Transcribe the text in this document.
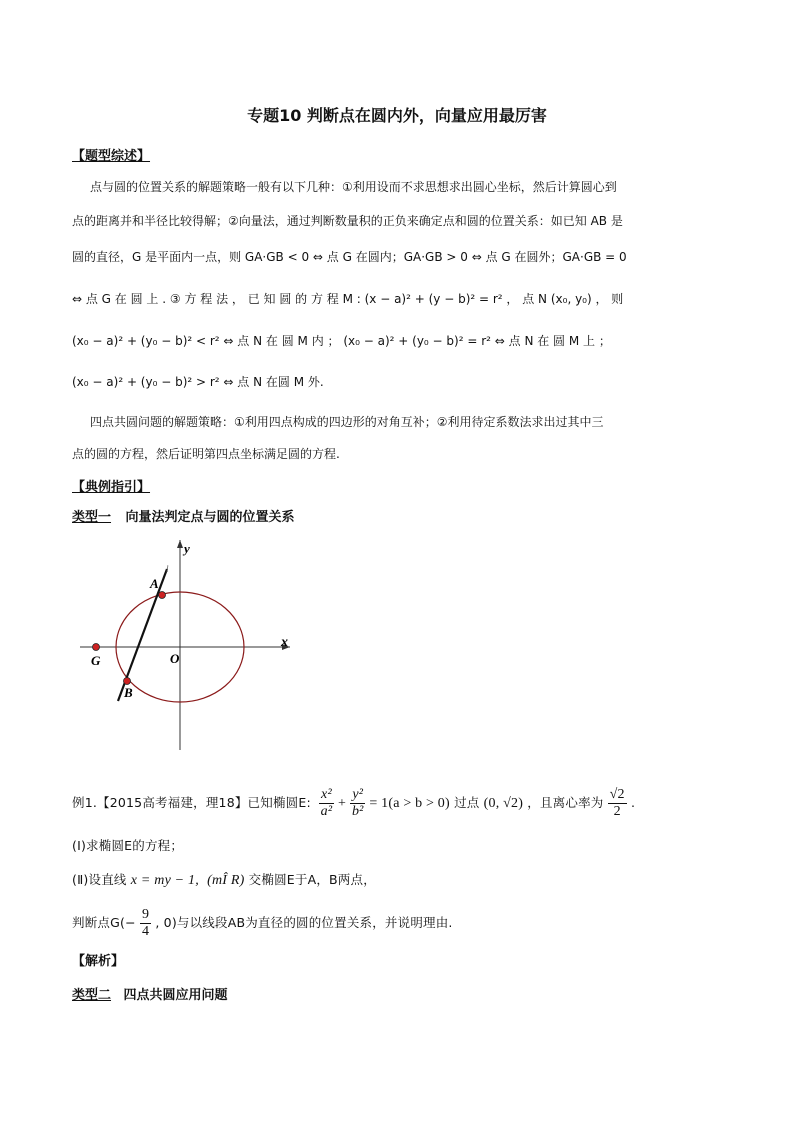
专题10 判断点在圆内外，向量应用最厉害
【题型综述】
点与圆的位置关系的解题策略一般有以下几种：①利用设而不求思想求出圆心坐标，然后计算圆心到
点的距离并和半径比较得解；②向量法，通过判断数量积的正负来确定点和圆的位置关系：如已知 AB 是
圆的直径，G 是平面内一点，则 GA·GB < 0 ⇔ 点 G 在圆内；GA·GB > 0 ⇔ 点 G 在圆外；GA·GB = 0
⇔ 点 G 在 圆 上 . ③ 方 程 法 ， 已 知 圆 的 方 程 M : (x − a)² + (y − b)² = r² ， 点 N (x₀, y₀) ， 则
(x₀ − a)² + (y₀ − b)² < r² ⇔ 点 N 在 圆 M 内 ； (x₀ − a)² + (y₀ − b)² = r² ⇔ 点 N 在 圆 M 上 ；
(x₀ − a)² + (y₀ − b)² > r² ⇔ 点 N 在圆 M 外.
四点共圆问题的解题策略：①利用四点构成的四边形的对角互补；②利用待定系数法求出过其中三
点的圆的方程，然后证明第四点坐标满足圆的方程.
【典例指引】
类型一 向量法判定点与圆的位置关系
y
x
O
A
B
G
l
例1.【2015高考福建，理18】已知椭圆E: $\frac{\text{x²}}{\text{a²}} + \frac{\text{y²}}{\text{b²}} = 1(a > b > 0)$ 过点 (0, √2) ，且离心率为 $\frac{√2}{2}$ .
(Ⅰ)求椭圆E的方程；
(Ⅱ)设直线 x = my − 1, (mÎ R) 交椭圆E于A，B两点，
判断点$G(- \frac{9}{4}$ , 0)与以线段AB为直径的圆的位置关系，并说明理由.
【解析】
类型二 四点共圆应用问题
